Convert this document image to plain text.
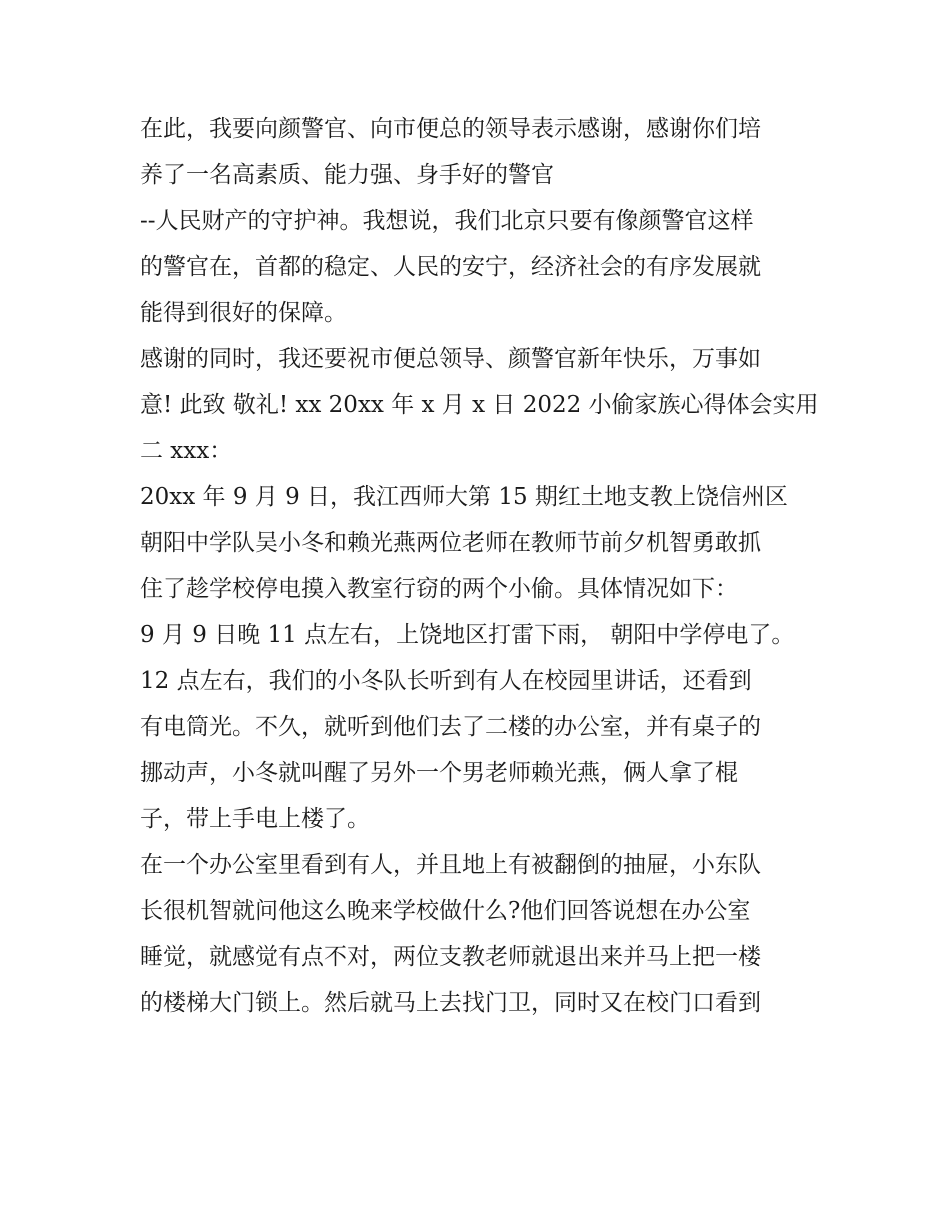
在此，我要向颜警官、向市便总的领导表示感谢，感谢你们培
养了一名高素质、能力强、身手好的警官
--人民财产的守护神。我想说，我们北京只要有像颜警官这样
的警官在，首都的稳定、人民的安宁，经济社会的有序发展就
能得到很好的保障。
感谢的同时，我还要祝市便总领导、颜警官新年快乐，万事如
意! 此致 敬礼! xx 20xx 年 x 月 x 日 2022 小偷家族心得体会实用
二 xxx：
20xx 年 9 月 9 日，我江西师大第 15 期红土地支教上饶信州区
朝阳中学队吴小冬和赖光燕两位老师在教师节前夕机智勇敢抓
住了趁学校停电摸入教室行窃的两个小偷。具体情况如下：
9 月 9 日晚 11 点左右，上饶地区打雷下雨， 朝阳中学停电了。
12 点左右，我们的小冬队长听到有人在校园里讲话，还看到
有电筒光。不久，就听到他们去了二楼的办公室，并有桌子的
挪动声，小冬就叫醒了另外一个男老师赖光燕，俩人拿了棍
子，带上手电上楼了。
在一个办公室里看到有人，并且地上有被翻倒的抽屉，小东队
长很机智就问他这么晚来学校做什么?他们回答说想在办公室
睡觉，就感觉有点不对，两位支教老师就退出来并马上把一楼
的楼梯大门锁上。然后就马上去找门卫，同时又在校门口看到
